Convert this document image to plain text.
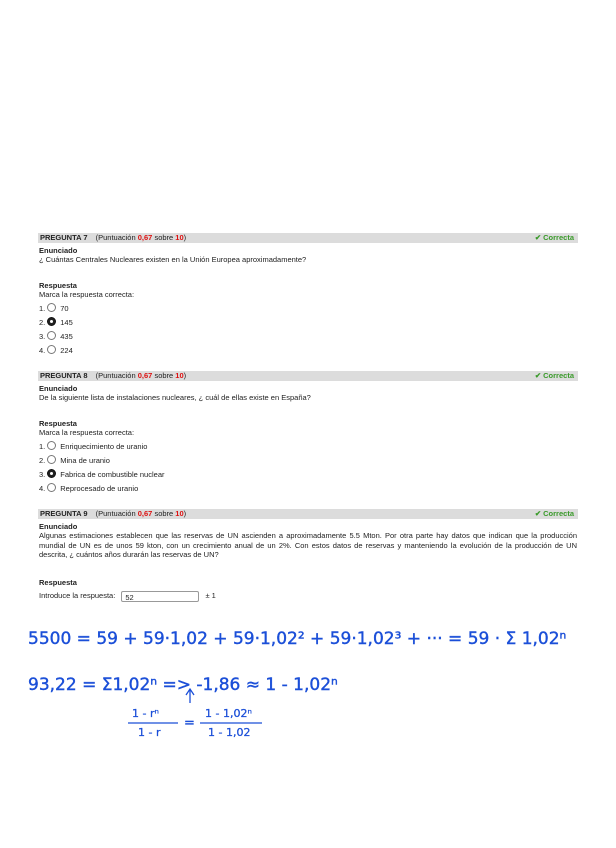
PREGUNTA 7 (Puntuación 0,67 sobre 10)	✔ Correcta
Enunciado
¿ Cuántas Centrales Nucleares existen en la Unión Europea aproximadamente?
Respuesta
Marca la respuesta correcta:
1. 70
2. 145
3. 435
4. 224
PREGUNTA 8 (Puntuación 0,67 sobre 10)	✔ Correcta
Enunciado
De la siguiente lista de instalaciones nucleares, ¿ cuál de ellas existe en España?
Respuesta
Marca la respuesta correcta:
1. Enriquecimiento de uranio
2. Mina de uranio
3. Fabrica de combustible nuclear
4. Reprocesado de uranio
PREGUNTA 9 (Puntuación 0,67 sobre 10)	✔ Correcta
Enunciado
Algunas estimaciones establecen que las reservas de UN ascienden a aproximadamente 5.5 Mton. Por otra parte hay datos que indican que la producción mundial de UN es de unos 59 kton, con un crecimiento anual de un 2%. Con estos datos de reservas y manteniendo la evolución de la producción de UN descrita, ¿ cuántos años durarán las reservas de UN?
Respuesta
Introduce la respuesta: 52	± 1
5500 = 59 + 59·1,02 + 59·1,02² + 59·1,02³ + ··· = 59 · Σ 1,02ⁿ
93,22 = Σ1,02ⁿ => -1,86 ≈ 1 - 1,02ⁿ
1 - rⁿ
1 - r
=
1 - 1,02ⁿ
1 - 1,02
